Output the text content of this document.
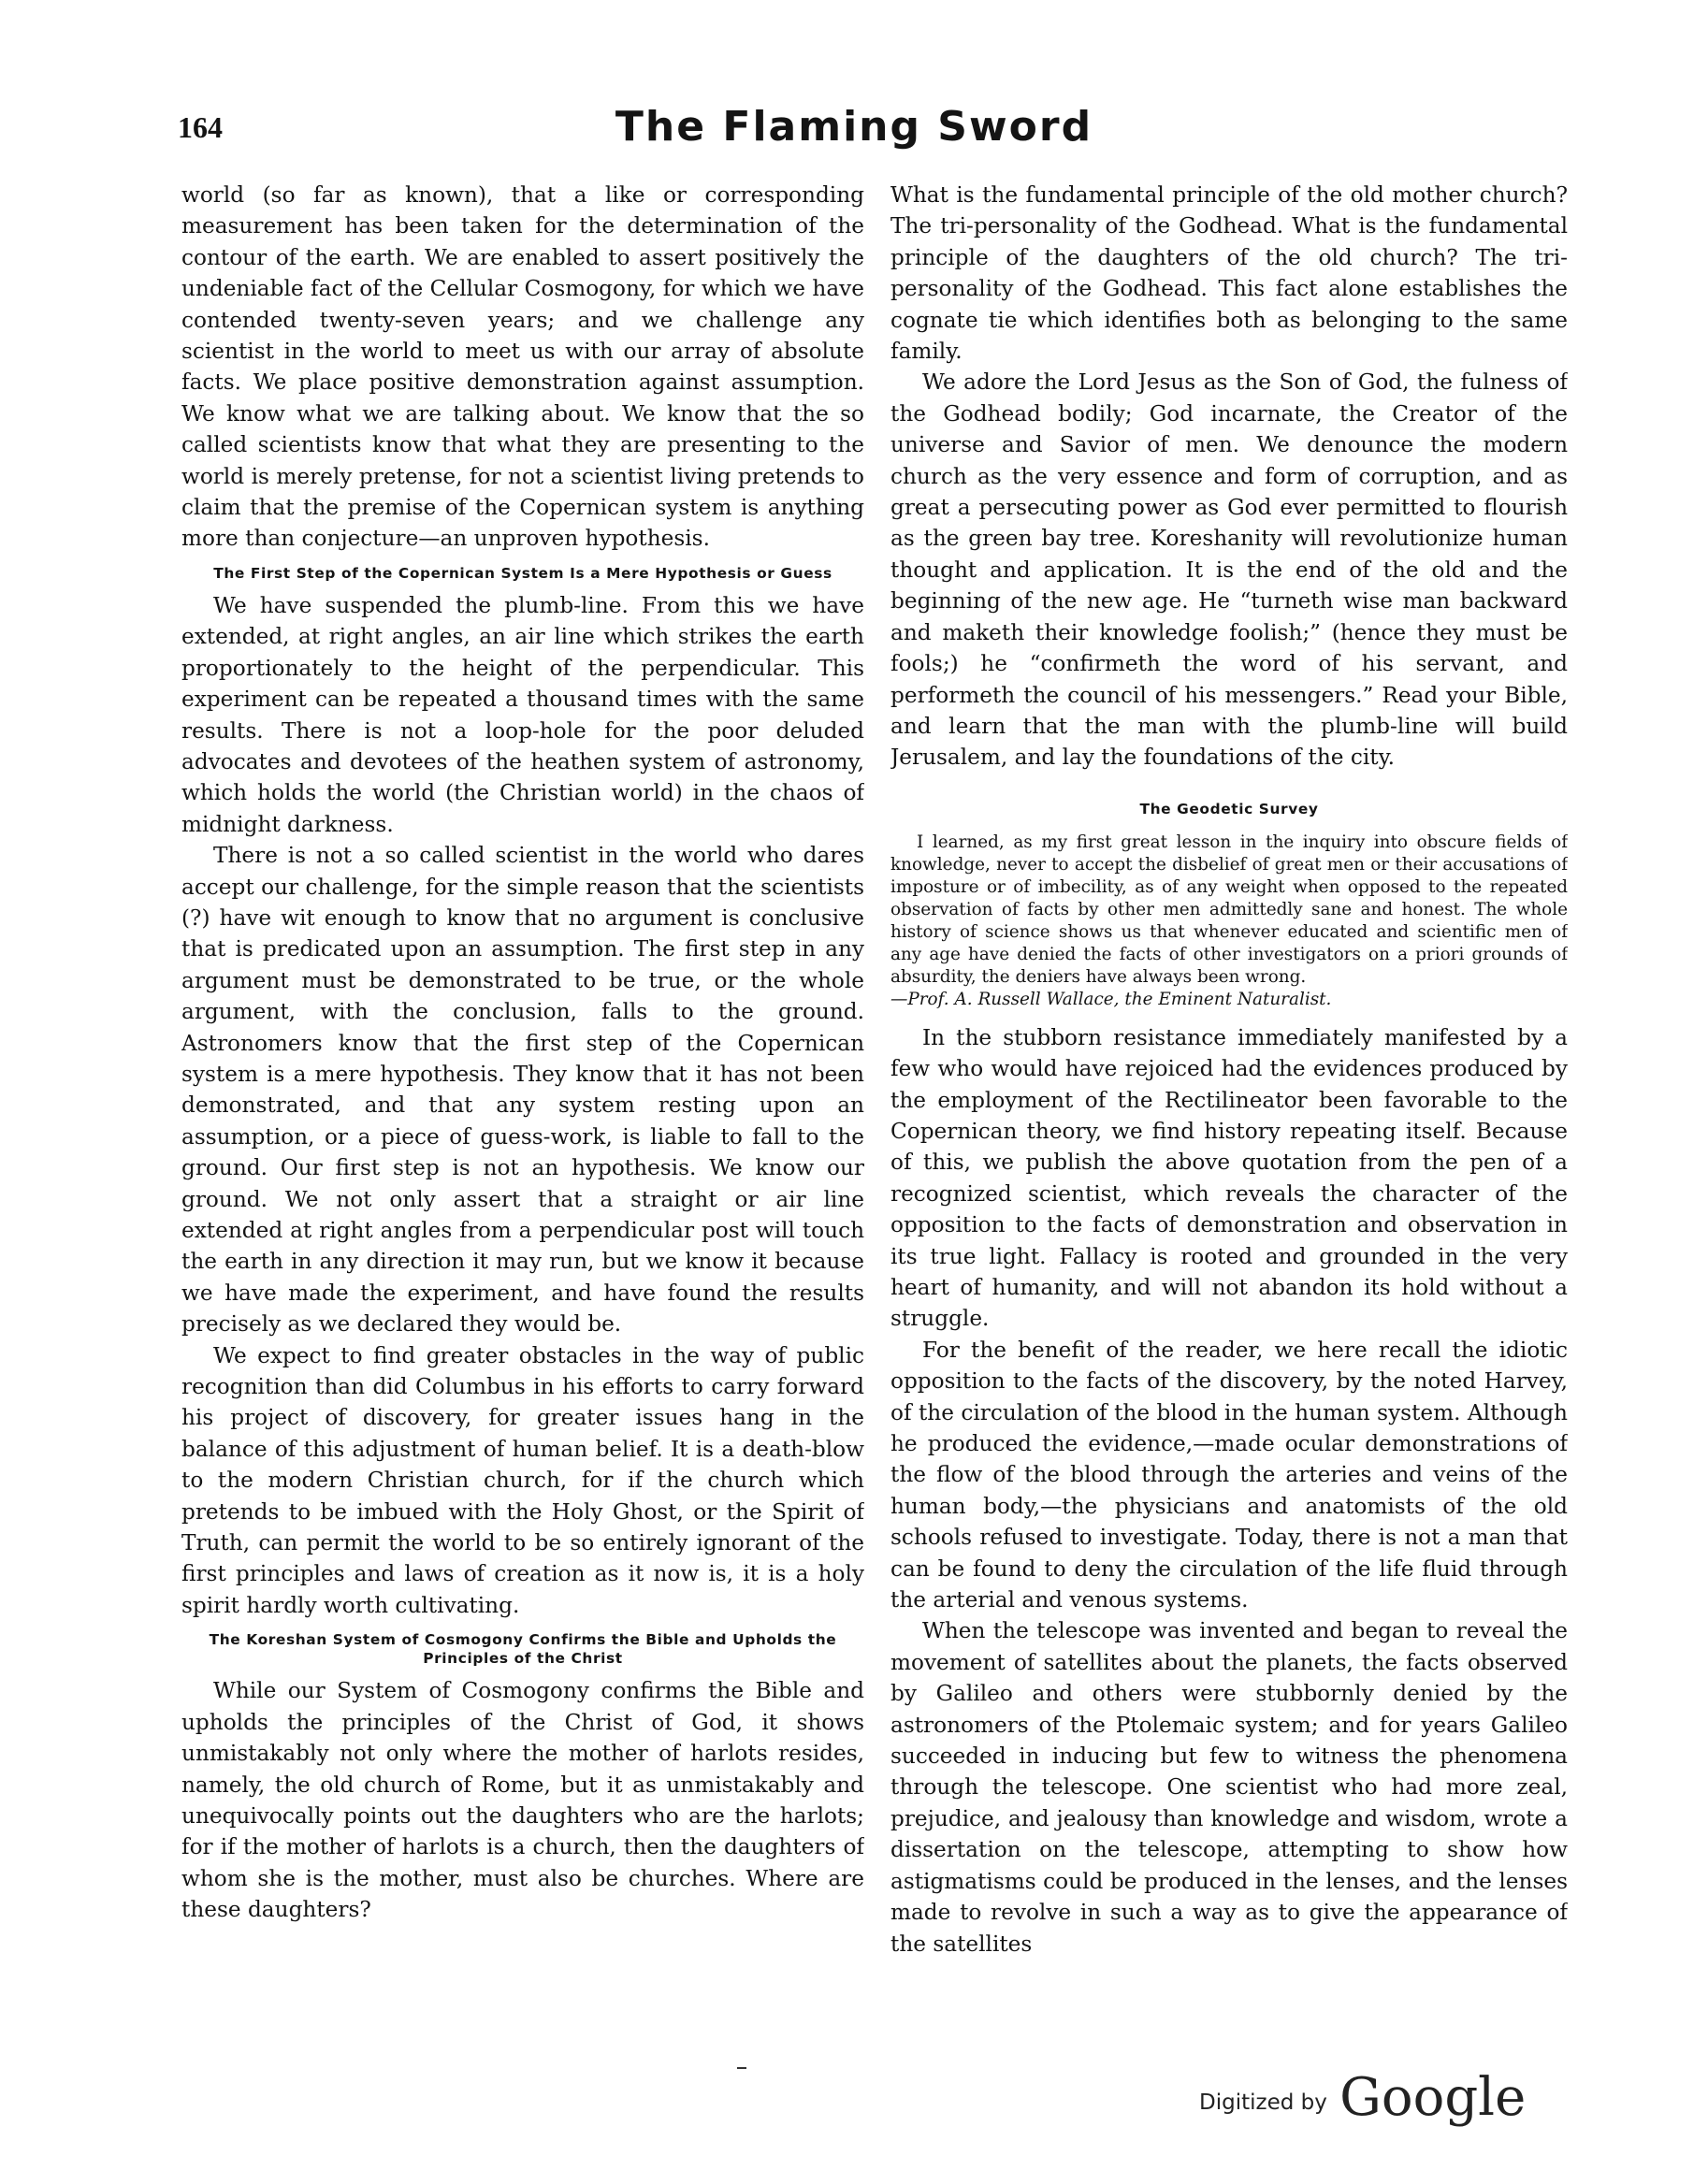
164	The Flaming Sword

world (so far as known), that a like or corresponding measurement has been taken for the determination of the contour of the earth. We are enabled to assert positively the undeniable fact of the Cellular Cosmogony, for which we have contended twenty-seven years; and we challenge any scientist in the world to meet us with our array of absolute facts. We place positive demonstration against assumption. We know what we are talking about. We know that the so called scientists know that what they are presenting to the world is merely pretense, for not a scientist living pretends to claim that the premise of the Copernican system is anything more than conjecture—an unproven hypothesis.

The First Step of the Copernican System Is a Mere Hypothesis or Guess

We have suspended the plumb-line. From this we have extended, at right angles, an air line which strikes the earth proportionately to the height of the perpendicular. This experiment can be repeated a thousand times with the same results. There is not a loop-hole for the poor deluded advocates and devotees of the heathen system of astronomy, which holds the world (the Christian world) in the chaos of midnight darkness.

There is not a so called scientist in the world who dares accept our challenge, for the simple reason that the scientists (?) have wit enough to know that no argument is conclusive that is predicated upon an assumption. The first step in any argument must be demonstrated to be true, or the whole argument, with the conclusion, falls to the ground. Astronomers know that the first step of the Copernican system is a mere hypothesis. They know that it has not been demonstrated, and that any system resting upon an assumption, or a piece of guess-work, is liable to fall to the ground. Our first step is not an hypothesis. We know our ground. We not only assert that a straight or air line extended at right angles from a perpendicular post will touch the earth in any direction it may run, but we know it because we have made the experiment, and have found the results precisely as we declared they would be.

We expect to find greater obstacles in the way of public recognition than did Columbus in his efforts to carry forward his project of discovery, for greater issues hang in the balance of this adjustment of human belief. It is a death-blow to the modern Christian church, for if the church which pretends to be imbued with the Holy Ghost, or the Spirit of Truth, can permit the world to be so entirely ignorant of the first principles and laws of creation as it now is, it is a holy spirit hardly worth cultivating.

The Koreshan System of Cosmogony Confirms the Bible and Upholds the Principles of the Christ

While our System of Cosmogony confirms the Bible and upholds the principles of the Christ of God, it shows unmistakably not only where the mother of harlots resides, namely, the old church of Rome, but it as unmistakably and unequivocally points out the daughters who are the harlots; for if the mother of harlots is a church, then the daughters of whom she is the mother, must also be churches. Where are these daughters?

What is the fundamental principle of the old mother church? The tri-personality of the Godhead. What is the fundamental principle of the daughters of the old church? The tri-personality of the Godhead. This fact alone establishes the cognate tie which identifies both as belonging to the same family.

We adore the Lord Jesus as the Son of God, the fulness of the Godhead bodily; God incarnate, the Creator of the universe and Savior of men. We denounce the modern church as the very essence and form of corruption, and as great a persecuting power as God ever permitted to flourish as the green bay tree. Koreshanity will revolutionize human thought and application. It is the end of the old and the beginning of the new age. He “turneth wise man backward and maketh their knowledge foolish;” (hence they must be fools;) he “confirmeth the word of his servant, and performeth the council of his messengers.” Read your Bible, and learn that the man with the plumb-line will build Jerusalem, and lay the foundations of the city.

The Geodetic Survey
I learned, as my first great lesson in the inquiry into obscure fields of knowledge, never to accept the disbelief of great men or their accusations of imposture or of imbecility, as of any weight when opposed to the repeated observation of facts by other men admittedly sane and honest. The whole history of science shows us that whenever educated and scientific men of any age have denied the facts of other investigators on a priori grounds of absurdity, the deniers have always been wrong.
—Prof. A. Russell Wallace, the Eminent Naturalist.

In the stubborn resistance immediately manifested by a few who would have rejoiced had the evidences produced by the employment of the Rectilineator been favorable to the Copernican theory, we find history repeating itself. Because of this, we publish the above quotation from the pen of a recognized scientist, which reveals the character of the opposition to the facts of demonstration and observation in its true light. Fallacy is rooted and grounded in the very heart of humanity, and will not abandon its hold without a struggle.

For the benefit of the reader, we here recall the idiotic opposition to the facts of the discovery, by the noted Harvey, of the circulation of the blood in the human system. Although he produced the evidence,—made ocular demonstrations of the flow of the blood through the arteries and veins of the human body,—the physicians and anatomists of the old schools refused to investigate. Today, there is not a man that can be found to deny the circulation of the life fluid through the arterial and venous systems.

When the telescope was invented and began to reveal the movement of satellites about the planets, the facts observed by Galileo and others were stubbornly denied by the astronomers of the Ptolemaic system; and for years Galileo succeeded in inducing but few to witness the phenomena through the telescope. One scientist who had more zeal, prejudice, and jealousy than knowledge and wisdom, wrote a dissertation on the telescope, attempting to show how astigmatisms could be produced in the lenses, and the lenses made to revolve in such a way as to give the appearance of the satellites

Digitized by Google
